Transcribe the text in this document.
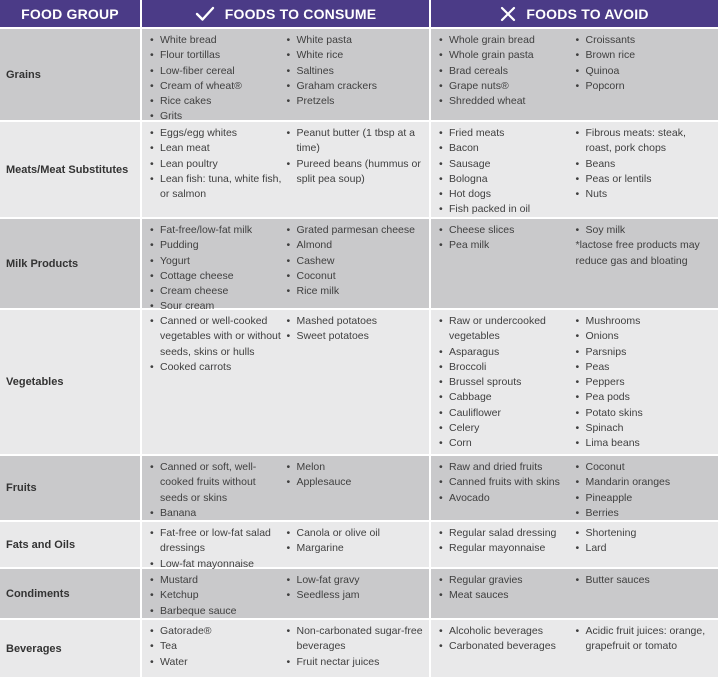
FOOD GROUP	FOODS TO CONSUME	FOODS TO AVOID
Grains
• White bread
• Flour tortillas
• Low-fiber cereal
• Cream of wheat®
• Rice cakes
• Grits
• White pasta
• White rice
• Saltines
• Graham crackers
• Pretzels
• Whole grain bread
• Whole grain pasta
• Brad cereals
• Grape nuts®
• Shredded wheat
• Croissants
• Brown rice
• Quinoa
• Popcorn
Meats/Meat Substitutes
• Eggs/egg whites
• Lean meat
• Lean poultry
• Lean fish: tuna, white fish, or salmon
• Peanut butter (1 tbsp at a time)
• Pureed beans (hummus or split pea soup)
• Fried meats
• Bacon
• Sausage
• Bologna
• Hot dogs
• Fish packed in oil
• Fibrous meats: steak, roast, pork chops
• Beans
• Peas or lentils
• Nuts
Milk Products
• Fat-free/low-fat milk
• Pudding
• Yogurt
• Cottage cheese
• Cream cheese
• Sour cream
• Grated parmesan cheese
• Almond
• Cashew
• Coconut
• Rice milk
• Cheese slices
• Pea milk
• Soy milk
*lactose free products may reduce gas and bloating
Vegetables
• Canned or well-cooked vegetables with or without seeds, skins or hulls
• Cooked carrots
• Mashed potatoes
• Sweet potatoes
• Raw or undercooked vegetables
• Asparagus
• Broccoli
• Brussel sprouts
• Cabbage
• Cauliflower
• Celery
• Corn
• Mushrooms
• Onions
• Parsnips
• Peas
• Peppers
• Pea pods
• Potato skins
• Spinach
• Lima beans
Fruits
• Canned or soft, well-cooked fruits without seeds or skins
• Banana
• Melon
• Applesauce
• Raw and dried fruits
• Canned fruits with skins
• Avocado
• Coconut
• Mandarin oranges
• Pineapple
• Berries
Fats and Oils
• Fat-free or low-fat salad dressings
• Low-fat mayonnaise
• Canola or olive oil
• Margarine
• Regular salad dressing
• Regular mayonnaise
• Shortening
• Lard
Condiments
• Mustard
• Ketchup
• Barbeque sauce
• Low-fat gravy
• Seedless jam
• Regular gravies
• Meat sauces
• Butter sauces
Beverages
• Gatorade®
• Tea
• Water
• Non-carbonated sugar-free beverages
• Fruit nectar juices
• Alcoholic beverages
• Carbonated beverages
• Acidic fruit juices: orange, grapefruit or tomato
